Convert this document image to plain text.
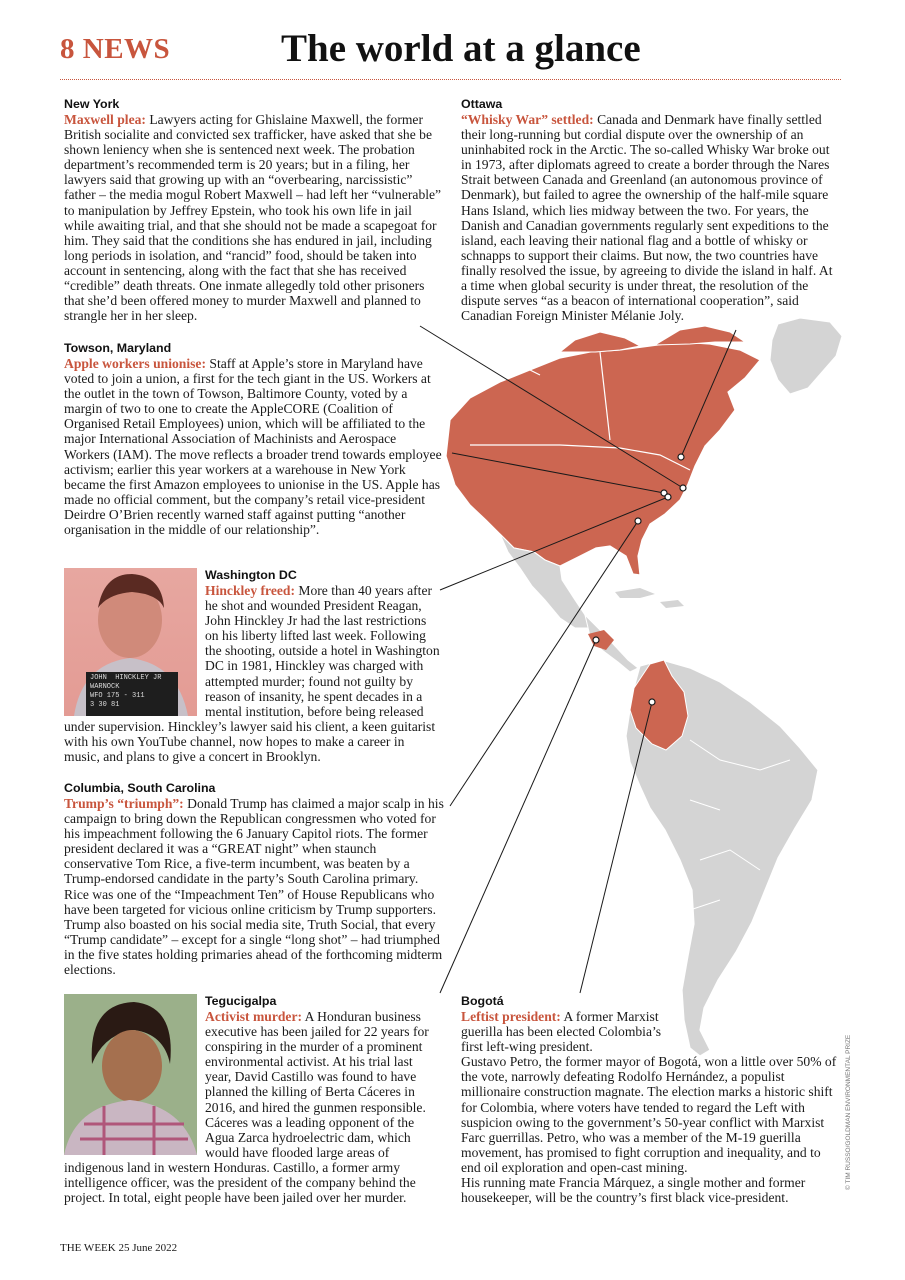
8 NEWS	The world at a glance
New York

Maxwell plea: Lawyers acting for Ghislaine Maxwell, the former British socialite and convicted sex trafficker, have asked that she be shown leniency when she is sentenced next week. The probation department’s recommended term is 20 years; but in a filing, her lawyers said that growing up with an “overbearing, narcissistic” father – the media mogul Robert Maxwell – had left her “vulnerable” to manipulation by Jeffrey Epstein, who took his own life in jail while awaiting trial, and that she should not be made a scapegoat for him. They said that the conditions she has endured in jail, including long periods in isolation, and “rancid” food, should be taken into account in sentencing, along with the fact that she has received “credible” death threats. One inmate allegedly told other prisoners that she’d been offered money to murder Maxwell and planned to strangle her in her sleep.

Ottawa

“Whisky War” settled: Canada and Denmark have finally settled their long-running but cordial dispute over the ownership of an uninhabited rock in the Arctic. The so-called Whisky War broke out in 1973, after diplomats agreed to create a border through the Nares Strait between Canada and Greenland (an autonomous province of Denmark), but failed to agree the ownership of the half-mile square Hans Island, which lies midway between the two. For years, the Danish and Canadian governments regularly sent expeditions to the island, each leaving their national flag and a bottle of whisky or schnapps to support their claims. But now, the two countries have finally resolved the issue, by agreeing to divide the island in half. At a time when global security is under threat, the resolution of the dispute serves “as a beacon of international cooperation”, said Canadian Foreign Minister Mélanie Joly.

Towson, Maryland

Apple workers unionise: Staff at Apple’s store in Maryland have voted to join a union, a first for the tech giant in the US. Workers at the outlet in the town of Towson, Baltimore County, voted by a margin of two to one to create the AppleCORE (Coalition of Organised Retail Employees) union, which will be affiliated to the major International Association of Machinists and Aerospace Workers (IAM). The move reflects a broader trend towards employee activism; earlier this year workers at a warehouse in New York became the first Amazon employees to unionise in the US. Apple has made no official comment, but the company’s retail vice-president Deirdre O’Brien recently warned staff against putting “another organisation in the middle of our relationship”.

JOHN HINCKLEY JR
WARNOCK
WFO 175 - 311
3 30 81
Washington DC

Hinckley freed: More than 40 years after he shot and wounded President Reagan, John Hinckley Jr had the last restrictions on his liberty lifted last week. Following the shooting, outside a hotel in Washington DC in 1981, Hinckley was charged with attempted murder; found not guilty by reason of insanity, he spent decades in a mental institution, before being released under supervision. Hinckley’s lawyer said his client, a keen guitarist with his own YouTube channel, now hopes to make a career in music, and plans to give a concert in Brooklyn.

Columbia, South Carolina

Trump’s “triumph”: Donald Trump has claimed a major scalp in his campaign to bring down the Republican congressmen who voted for his impeachment following the 6 January Capitol riots. The former president declared it was a “GREAT night” when staunch conservative Tom Rice, a five-term incumbent, was beaten by a Trump-endorsed candidate in the party’s South Carolina primary. Rice was one of the “Impeachment Ten” of House Republicans who have been targeted for vicious online criticism by Trump supporters. Trump also boasted on his social media site, Truth Social, that every “Trump candidate” – except for a single “long shot” – had triumphed in the five states holding primaries ahead of the forthcoming midterm elections.

Tegucigalpa

Activist murder: A Honduran business executive has been jailed for 22 years for conspiring in the murder of a prominent environmental activist. At his trial last year, David Castillo was found to have planned the killing of Berta Cáceres in 2016, and hired the gunmen responsible. Cáceres was a leading opponent of the Agua Zarca hydroelectric dam, which would have flooded large areas of indigenous land in western Honduras. Castillo, a former army intelligence officer, was the president of the company behind the project. In total, eight people have been jailed over her murder.

Bogotá

Leftist president: A former Marxist guerilla has been elected Colombia’s first left-wing president.

Gustavo Petro, the former mayor of Bogotá, won a little over 50% of the vote, narrowly defeating Rodolfo Hernández, a populist millionaire construction magnate. The election marks a historic shift for Colombia, where voters have tended to regard the Left with suspicion owing to the government’s 50-year conflict with Marxist Farc guerrillas. Petro, who was a member of the M-19 guerilla movement, has promised to fight corruption and inequality, and to end oil exploration and open-cast mining.

His running mate Francia Márquez, a single mother and former housekeeper, will be the country’s first black vice-president.

© TIM RUSSO/GOLDMAN ENVIRONMENTAL PRIZE
THE WEEK 25 June 2022
